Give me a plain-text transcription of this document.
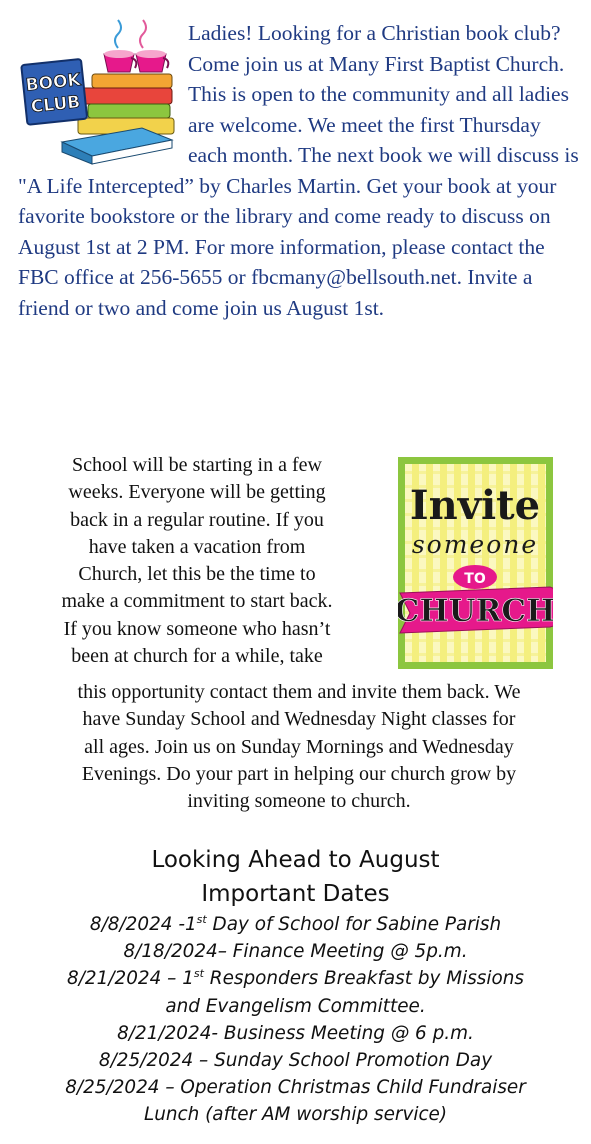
BOOK
CLUB
Ladies! Looking for a Christian book club? Come join us at Many First Baptist Church. This is open to the community and all ladies are welcome. We meet the first Thursday each month. The next book we will discuss is "A Life Intercepted” by Charles Martin. Get your book at your favorite bookstore or the library and come ready to discuss on August 1st at 2 PM. For more information, please contact the FBC office at 256-5655 or fbcmany@bellsouth.net. Invite a friend or two and come join us August 1st.

School will be starting in a few
weeks. Everyone will be getting
back in a regular routine. If you
have taken a vacation from
Church, let this be the time to
make a commitment to start back.
If you know someone who hasn’t
been at church for a while, take
this opportunity contact them and invite them back. We
have Sunday School and Wednesday Night classes for
all ages. Join us on Sunday Mornings and Wednesday
Evenings. Do your part in helping our church grow by
inviting someone to church.
Invite
someone
TO
CHURCH
Looking Ahead to August
Important Dates
8/8/2024 -1st Day of School for Sabine Parish
8/18/2024– Finance Meeting @ 5p.m.
8/21/2024 – 1st Responders Breakfast by Missions
and Evangelism Committee.
8/21/2024- Business Meeting @ 6 p.m.
8/25/2024 – Sunday School Promotion Day
8/25/2024 – Operation Christmas Child Fundraiser
Lunch (after AM worship service)
